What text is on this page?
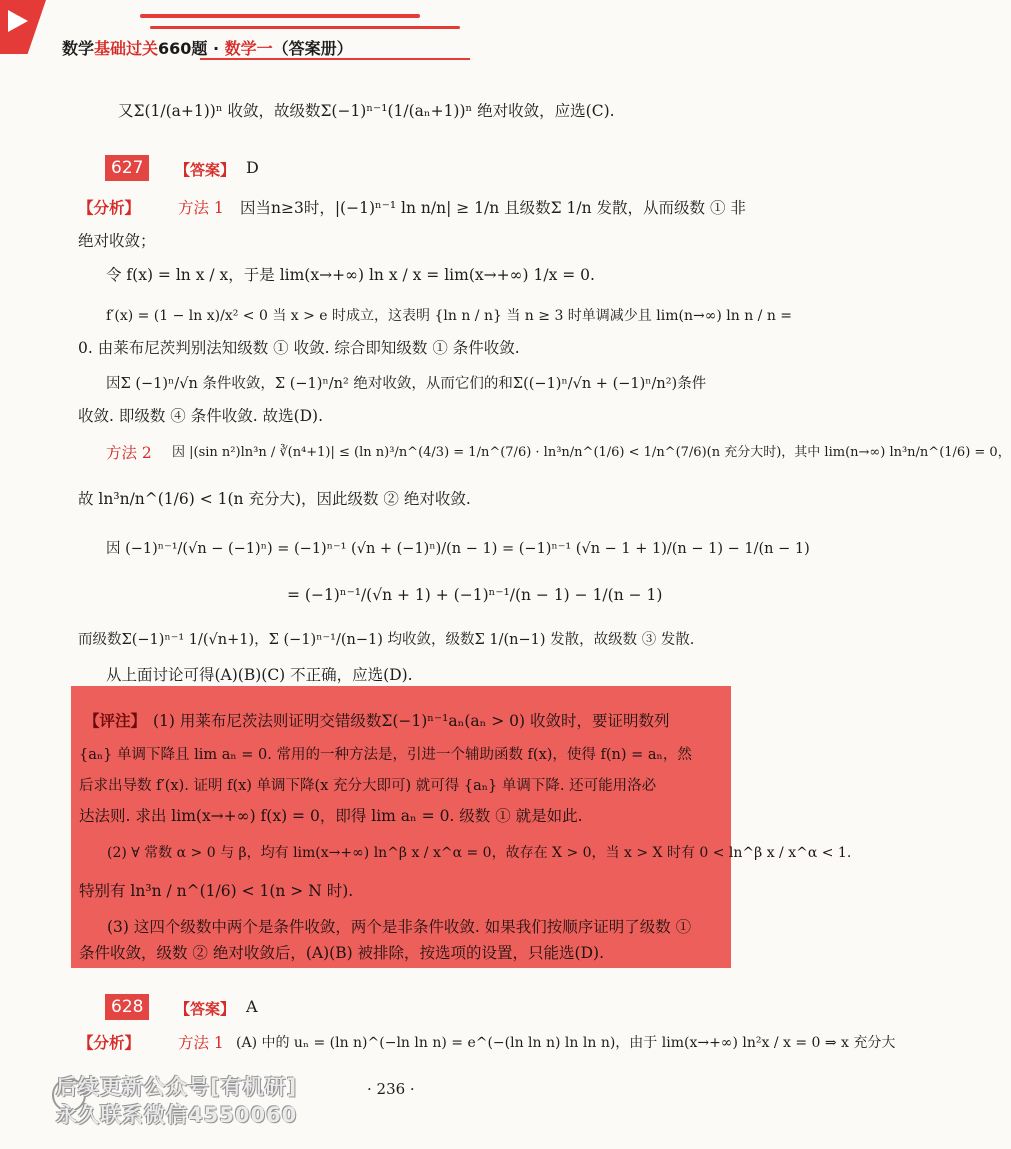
数学基础过关660题 · 数学一（答案册）
又Σ(1/(a+1))ⁿ 收敛，故级数Σ(−1)ⁿ⁻¹(1/(aₙ+1))ⁿ 绝对收敛，应选(C).
627	【答案】 D
【分析】 方法 1 因当n≥3时，|(−1)ⁿ⁻¹ ln n/n| ≥ 1/n 且级数Σ 1/n 发散，从而级数 ① 非
绝对收敛；
令 f(x) = ln x / x，于是 lim(x→+∞) ln x / x = lim(x→+∞) 1/x = 0.
f′(x) = (1 − ln x)/x² < 0 当 x > e 时成立，这表明 {ln n / n} 当 n ≥ 3 时单调减少且 lim(n→∞) ln n / n =
0. 由莱布尼茨判别法知级数 ① 收敛. 综合即知级数 ① 条件收敛.
因Σ (−1)ⁿ/√n 条件收敛，Σ (−1)ⁿ/n² 绝对收敛，从而它们的和Σ((−1)ⁿ/√n + (−1)ⁿ/n²)条件
收敛. 即级数 ④ 条件收敛. 故选(D).
方法 2 因 |(sin n²)ln³n / ∛(n⁴+1)| ≤ (ln n)³/n^(4/3) = 1/n^(7/6) · ln³n/n^(1/6) < 1/n^(7/6)(n 充分大时)，其中 lim(n→∞) ln³n/n^(1/6) = 0，
故 ln³n/n^(1/6) < 1(n 充分大)，因此级数 ② 绝对收敛.
因 (−1)ⁿ⁻¹/(√n − (−1)ⁿ) = (−1)ⁿ⁻¹ (√n + (−1)ⁿ)/(n − 1) = (−1)ⁿ⁻¹ (√n − 1 + 1)/(n − 1) − 1/(n − 1)
= (−1)ⁿ⁻¹/(√n + 1) + (−1)ⁿ⁻¹/(n − 1) − 1/(n − 1)
而级数Σ(−1)ⁿ⁻¹ 1/(√n+1)，Σ (−1)ⁿ⁻¹/(n−1) 均收敛，级数Σ 1/(n−1) 发散，故级数 ③ 发散.
从上面讨论可得(A)(B)(C) 不正确，应选(D).
【评注】 (1) 用莱布尼茨法则证明交错级数Σ(−1)ⁿ⁻¹aₙ(aₙ > 0) 收敛时，要证明数列
{aₙ} 单调下降且 lim aₙ = 0. 常用的一种方法是，引进一个辅助函数 f(x)，使得 f(n) = aₙ，然
后求出导数 f′(x). 证明 f(x) 单调下降(x 充分大即可) 就可得 {aₙ} 单调下降. 还可能用洛必
达法则. 求出 lim(x→+∞) f(x) = 0，即得 lim aₙ = 0. 级数 ① 就是如此.
(2) ∀ 常数 α > 0 与 β，均有 lim(x→+∞) ln^β x / x^α = 0，故存在 X > 0，当 x > X 时有 0 < ln^β x / x^α < 1.
特别有 ln³n / n^(1/6) < 1(n > N 时).
(3) 这四个级数中两个是条件收敛，两个是非条件收敛. 如果我们按顺序证明了级数 ①
条件收敛，级数 ② 绝对收敛后，(A)(B) 被排除，按选项的设置，只能选(D).
628	【答案】 A
【分析】 方法 1 (A) 中的 uₙ = (ln n)^(−ln ln n) = e^(−(ln ln n) ln ln n)，由于 lim(x→+∞) ln²x / x = 0 ⇒ x 充分大
· 236 ·
后续更新公众号[有机研]
永久联系微信4550060
